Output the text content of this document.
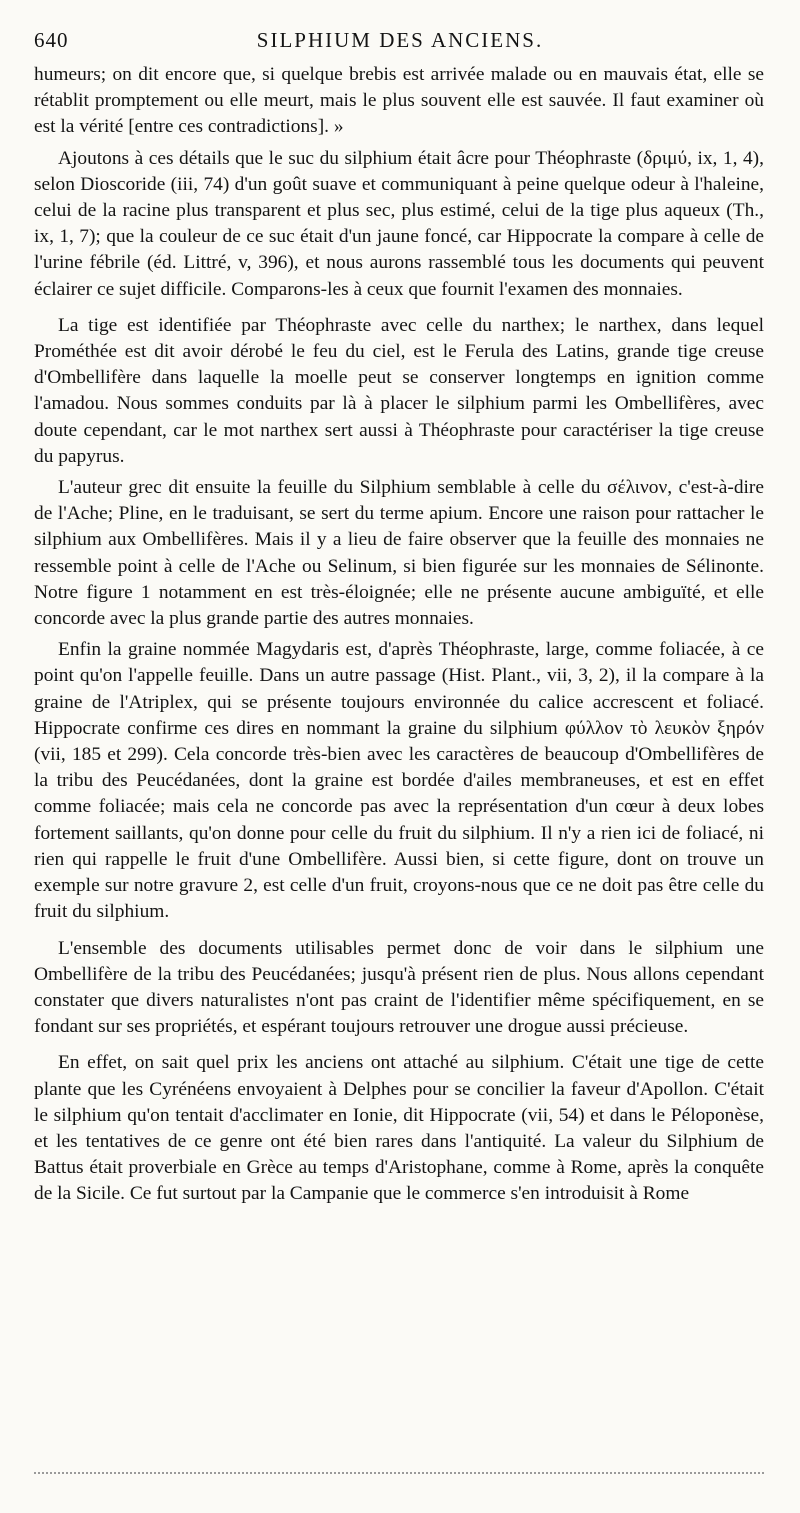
640	SILPHIUM DES ANCIENS.

humeurs; on dit encore que, si quelque brebis est arrivée malade ou en mauvais état, elle se rétablit promptement ou elle meurt, mais le plus souvent elle est sauvée. Il faut examiner où est la vérité [entre ces contradictions]. »

Ajoutons à ces détails que le suc du silphium était âcre pour Théophraste (δριμύ, ix, 1, 4), selon Dioscoride (iii, 74) d'un goût suave et communiquant à peine quelque odeur à l'haleine, celui de la racine plus transparent et plus sec, plus estimé, celui de la tige plus aqueux (Th., ix, 1, 7); que la couleur de ce suc était d'un jaune foncé, car Hippocrate la compare à celle de l'urine fébrile (éd. Littré, v, 396), et nous aurons rassemblé tous les documents qui peuvent éclairer ce sujet difficile. Comparons-les à ceux que fournit l'examen des monnaies.

La tige est identifiée par Théophraste avec celle du narthex; le narthex, dans lequel Prométhée est dit avoir dérobé le feu du ciel, est le Ferula des Latins, grande tige creuse d'Ombellifère dans laquelle la moelle peut se conserver longtemps en ignition comme l'amadou. Nous sommes conduits par là à placer le silphium parmi les Ombellifères, avec doute cependant, car le mot narthex sert aussi à Théophraste pour caractériser la tige creuse du papyrus.

L'auteur grec dit ensuite la feuille du Silphium semblable à celle du σέλινον, c'est-à-dire de l'Ache; Pline, en le traduisant, se sert du terme apium. Encore une raison pour rattacher le silphium aux Ombellifères. Mais il y a lieu de faire observer que la feuille des monnaies ne ressemble point à celle de l'Ache ou Selinum, si bien figurée sur les monnaies de Sélinonte. Notre figure 1 notamment en est très-éloignée; elle ne présente aucune ambiguïté, et elle concorde avec la plus grande partie des autres monnaies.

Enfin la graine nommée Magydaris est, d'après Théophraste, large, comme foliacée, à ce point qu'on l'appelle feuille. Dans un autre passage (Hist. Plant., vii, 3, 2), il la compare à la graine de l'Atriplex, qui se présente toujours environnée du calice accrescent et foliacé. Hippocrate confirme ces dires en nommant la graine du silphium φύλλον τὸ λευκὸν ξηρόν (vii, 185 et 299). Cela concorde très-bien avec les caractères de beaucoup d'Ombellifères de la tribu des Peucédanées, dont la graine est bordée d'ailes membraneuses, et est en effet comme foliacée; mais cela ne concorde pas avec la représentation d'un cœur à deux lobes fortement saillants, qu'on donne pour celle du fruit du silphium. Il n'y a rien ici de foliacé, ni rien qui rappelle le fruit d'une Ombellifère. Aussi bien, si cette figure, dont on trouve un exemple sur notre gravure 2, est celle d'un fruit, croyons-nous que ce ne doit pas être celle du fruit du silphium.

L'ensemble des documents utilisables permet donc de voir dans le silphium une Ombellifère de la tribu des Peucédanées; jusqu'à présent rien de plus. Nous allons cependant constater que divers naturalistes n'ont pas craint de l'identifier même spécifiquement, en se fondant sur ses propriétés, et espérant toujours retrouver une drogue aussi précieuse.

En effet, on sait quel prix les anciens ont attaché au silphium. C'était une tige de cette plante que les Cyrénéens envoyaient à Delphes pour se concilier la faveur d'Apollon. C'était le silphium qu'on tentait d'acclimater en Ionie, dit Hippocrate (vii, 54) et dans le Péloponèse, et les tentatives de ce genre ont été bien rares dans l'antiquité. La valeur du Silphium de Battus était proverbiale en Grèce au temps d'Aristophane, comme à Rome, après la conquête de la Sicile. Ce fut surtout par la Campanie que le commerce s'en introduisit à Rome
